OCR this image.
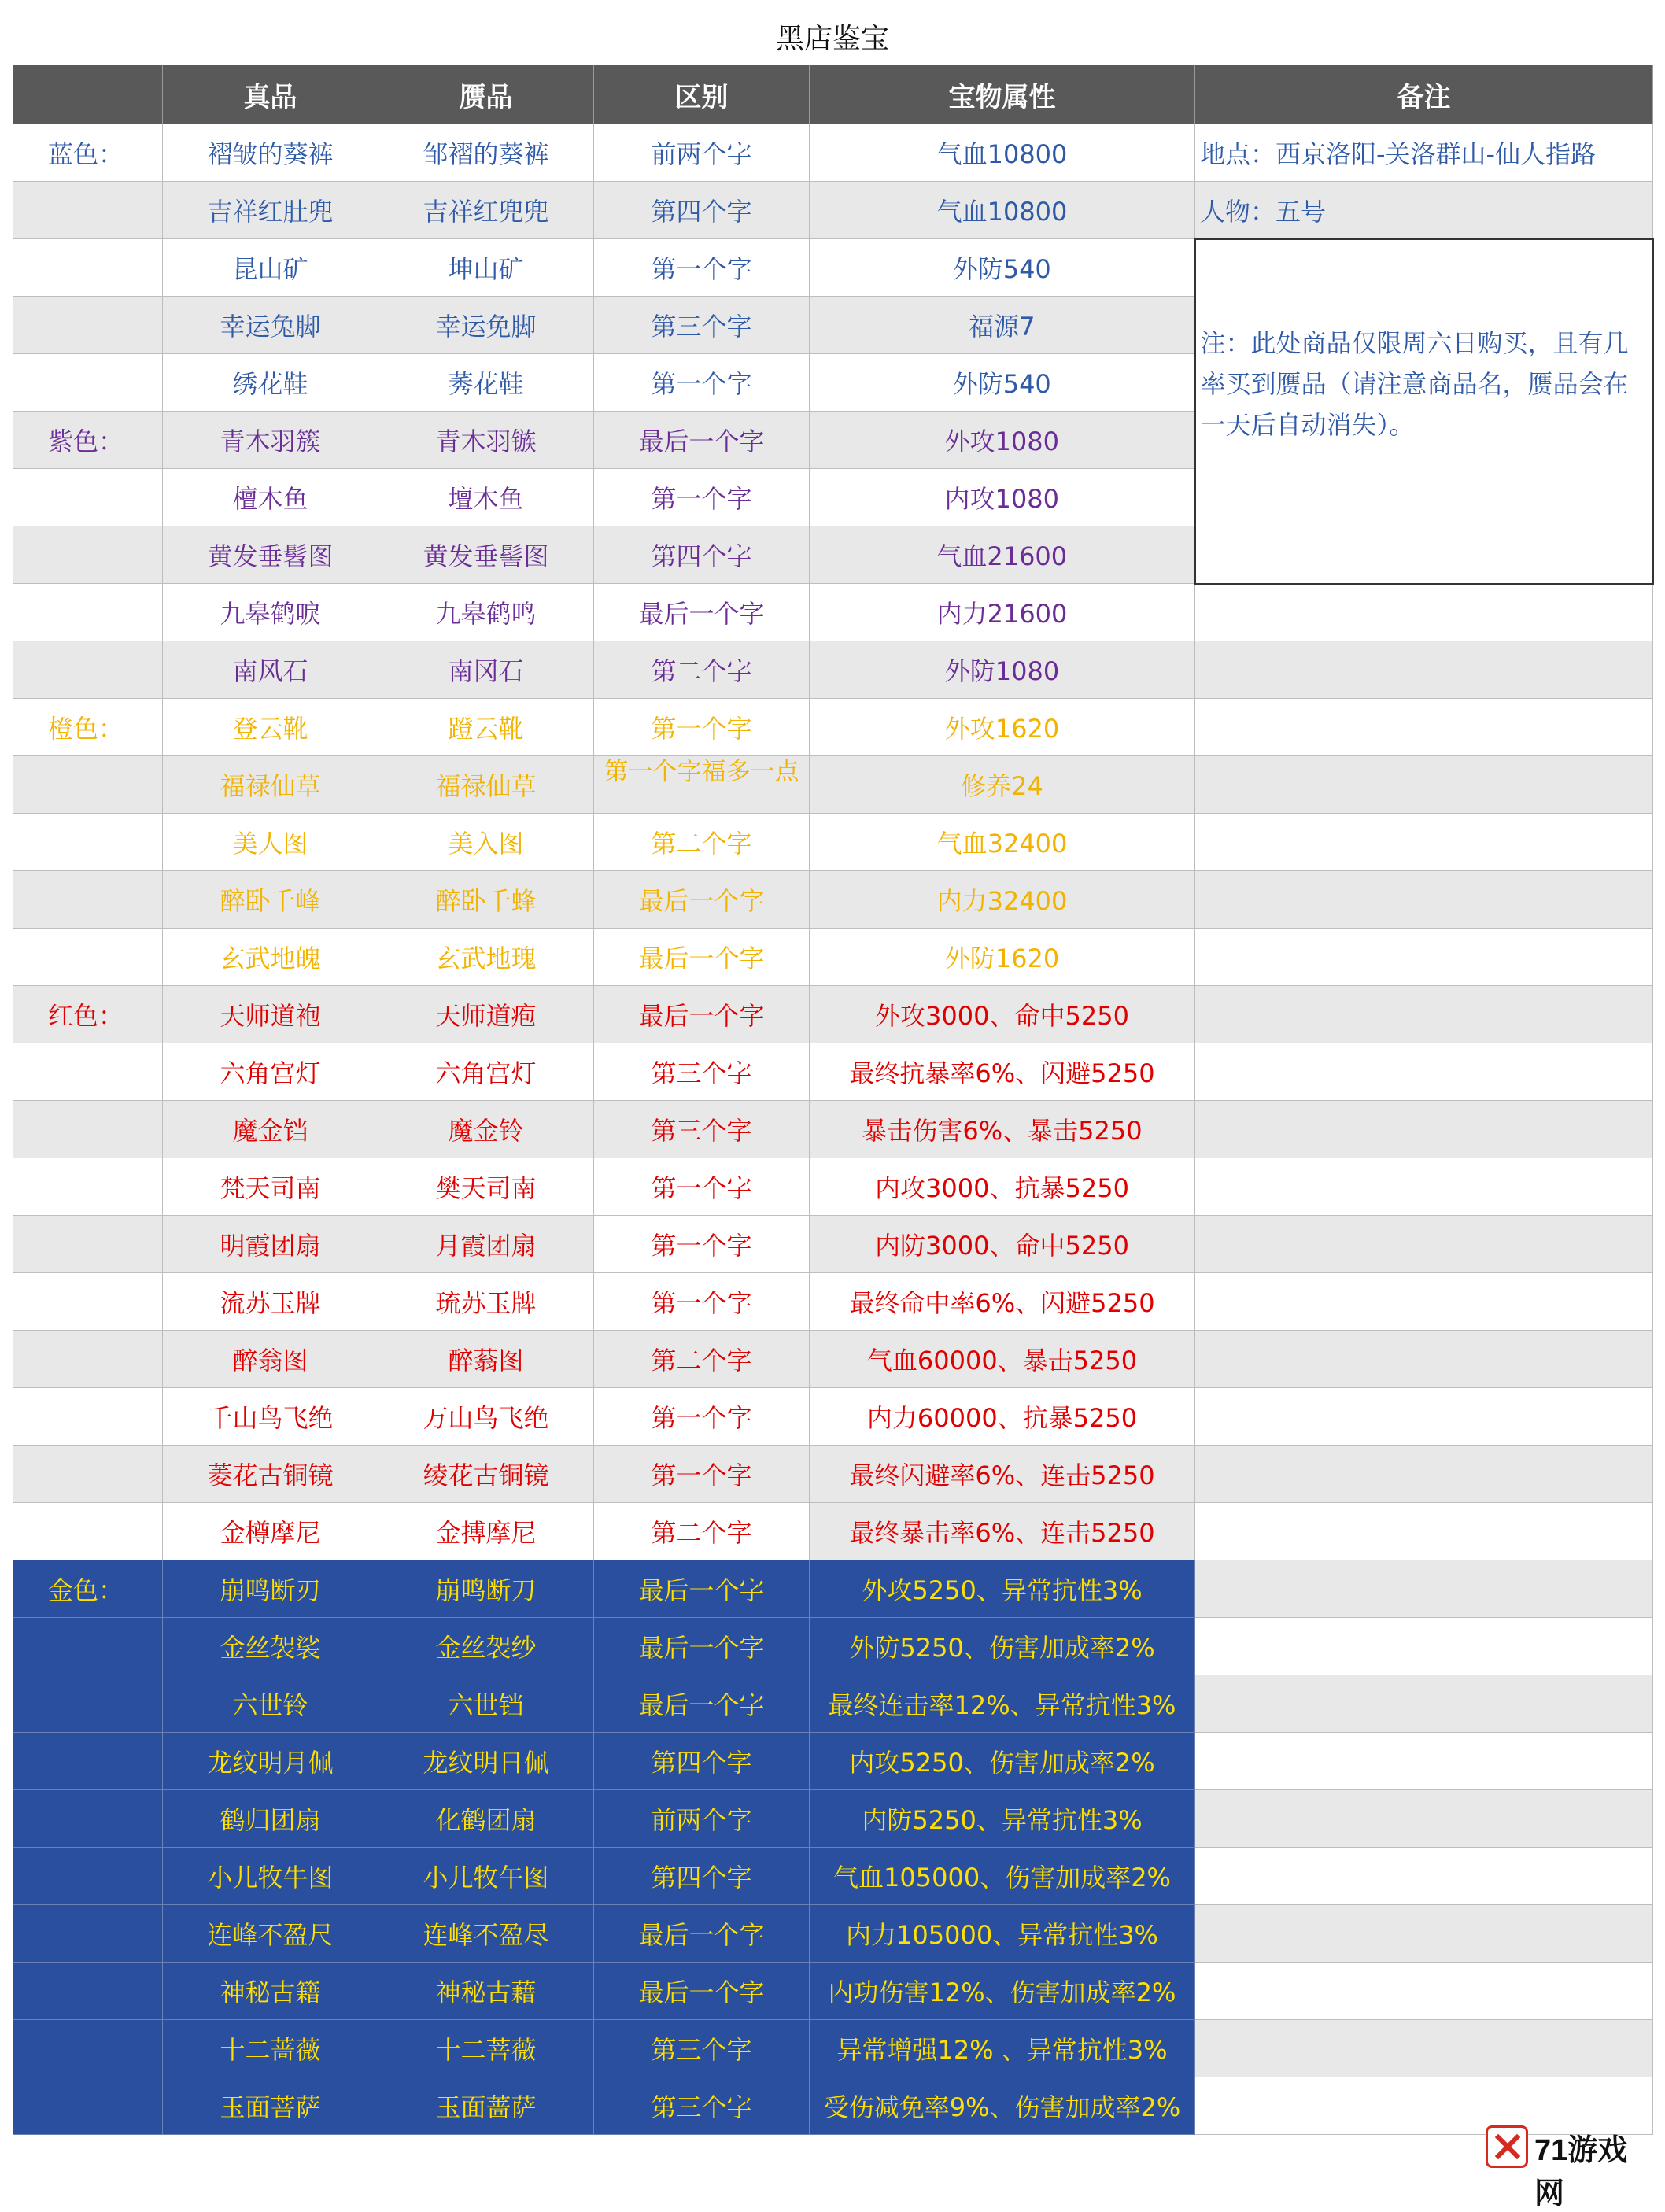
黑店鉴宝
	真品	赝品	区别	宝物属性	备注
蓝色：	褶皱的葵裤	邹褶的葵裤	前两个字	气血10800	地点：西京洛阳-关洛群山-仙人指路
	吉祥红肚兜	吉祥红兜兜	第四个字	气血10800	人物：五号
	昆山矿	坤山矿	第一个字	外防540	注：此处商品仅限周六日购买，且有几率买到赝品（请注意商品名，赝品会在一天后自动消失）。
	幸运兔脚	幸运免脚	第三个字	福源7	
	绣花鞋	莠花鞋	第一个字	外防540	
紫色：	青木羽簇	青木羽镞	最后一个字	外攻1080	
	檀木鱼	壇木鱼	第一个字	内攻1080	
	黄发垂髫图	黄发垂髻图	第四个字	气血21600	
	九皋鹤唳	九皋鹤鸣	最后一个字	内力21600	
	南风石	南冈石	第二个字	外防1080	
橙色：	登云靴	蹬云靴	第一个字	外攻1620	
	福禄仙草	福禄仙草	第一个字福多一点	修养24	
	美人图	美入图	第二个字	气血32400	
	醉卧千峰	醉卧千蜂	最后一个字	内力32400	
	玄武地魄	玄武地瑰	最后一个字	外防1620	
红色：	天师道袍	天师道疱	最后一个字	外攻3000、命中5250	
	六角宫灯	六角宫灯	第三个字	最终抗暴率6%、闪避5250	
	魔金铛	魔金铃	第三个字	暴击伤害6%、暴击5250	
	梵天司南	樊天司南	第一个字	内攻3000、抗暴5250	
	明霞团扇	月霞团扇	第一个字	内防3000、命中5250	
	流苏玉牌	琉苏玉牌	第一个字	最终命中率6%、闪避5250	
	醉翁图	醉蓊图	第二个字	气血60000、暴击5250	
	千山鸟飞绝	万山鸟飞绝	第一个字	内力60000、抗暴5250	
	菱花古铜镜	绫花古铜镜	第一个字	最终闪避率6%、连击5250	
	金樽摩尼	金搏摩尼	第二个字	最终暴击率6%、连击5250	
金色：	崩鸣断刃	崩鸣断刀	最后一个字	外攻5250、异常抗性3%	
	金丝袈裟	金丝袈纱	最后一个字	外防5250、伤害加成率2%	
	六世铃	六世铛	最后一个字	最终连击率12%、异常抗性3%	
	龙纹明月佩	龙纹明日佩	第四个字	内攻5250、伤害加成率2%	
	鹤归团扇	化鹤团扇	前两个字	内防5250、异常抗性3%	
	小儿牧牛图	小儿牧午图	第四个字	气血105000、伤害加成率2%	
	连峰不盈尺	连峰不盈尽	最后一个字	内力105000、异常抗性3%	
	神秘古籍	神秘古藉	最后一个字	内功伤害12%、伤害加成率2%	
	十二蔷薇	十二菩薇	第三个字	异常增强12% 、异常抗性3%	
	玉面菩萨	玉面蔷萨	第三个字	受伤减免率9%、伤害加成率2%	
71游戏网
